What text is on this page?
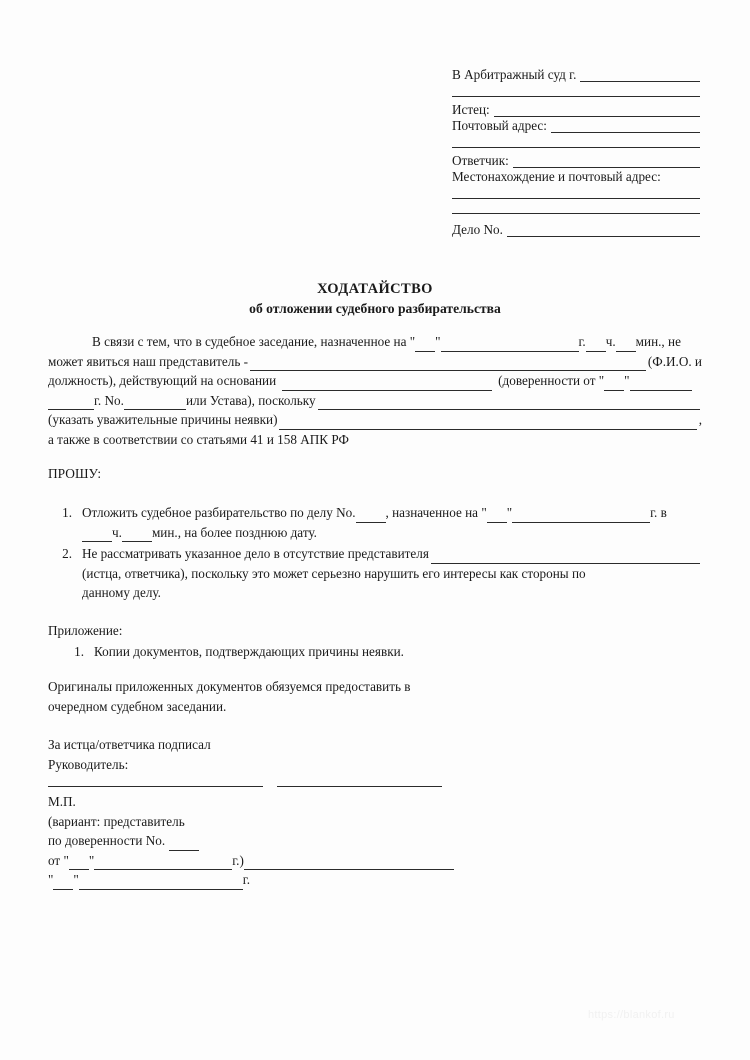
В Арбитражный суд г.
Истец:
Почтовый адрес:
Ответчик:
Местонахождение и почтовый адрес:
Дело No.
ХОДАТАЙСТВО
об отложении судебного разбирательства
В связи с тем, что в судебное заседание, назначенное на " "	г. ч. мин., не
может явиться наш представитель -	(Ф.И.О. и
должность), действующий на основании	(доверенности от " "
г. No.	или Устава), поскольку
(указать уважительные причины неявки)	,
а также в соответствии со статьями 41 и 158 АПК РФ
ПРОШУ:
1. Отложить судебное разбирательство по делу No. , назначенное на " "	г. в
ч. мин., на более позднюю дату.
2. Не рассматривать указанное дело в отсутствие представителя
(истца, ответчика), поскольку это может серьезно нарушить его интересы как стороны по
данному делу.
Приложение:
1. Копии документов, подтверждающих причины неявки.
Оригиналы приложенных документов обязуемся предоставить в
очередном судебном заседании.
За истца/ответчика подписал
Руководитель:
М.П.
(вариант: представитель
по доверенности No.
от " "	г.)
" "	г.
https://blankof.ru
